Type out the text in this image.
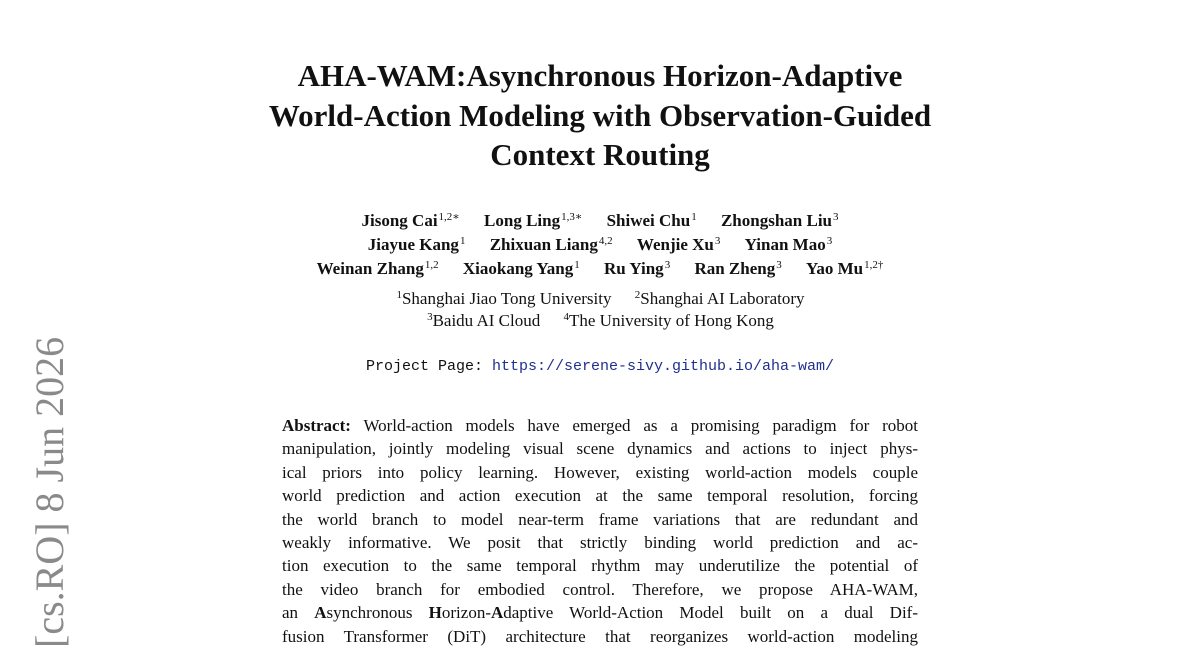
AHA-WAM:Asynchronous Horizon-Adaptive
World-Action Modeling with Observation-Guided
Context Routing
Jisong Cai$^{1,2∗}$ Long Ling$^{1,3∗}$ Shiwei Chu$^1$ Zhongshan Liu$^3$
Jiayue Kang$^1$ Zhixuan Liang$^{4,2}$ Wenjie Xu$^3$ Yinan Mao$^3$
Weinan Zhang$^{1,2}$ Xiaokang Yang$^1$ Ru Ying$^3$ Ran Zheng$^3$ Yao $Mu^{1,2\dagger}$
$^1$Shanghai Jiao Tong University $^2$Shanghai AI Laboratory
$^3$Baidu AI Cloud $^4$The University of Hong Kong
Project Page: https://serene-sivy.github.io/aha-wam/
Abstract: World-action models have emerged as a promising paradigm for robot
manipulation, jointly modeling visual scene dynamics and actions to inject phys-
ical priors into policy learning. However, existing world-action models couple
world prediction and action execution at the same temporal resolution, forcing
the world branch to model near-term frame variations that are redundant and
weakly informative. We posit that strictly binding world prediction and ac-
tion execution to the same temporal rhythm may underutilize the potential of
the video branch for embodied control. Therefore, we propose AHA-WAM,
an Asynchronous Horizon-Adaptive World-Action Model built on a dual Dif-
fusion Transformer (DiT) architecture that reorganizes world-action modeling
[cs.RO] 8 Jun 2026
